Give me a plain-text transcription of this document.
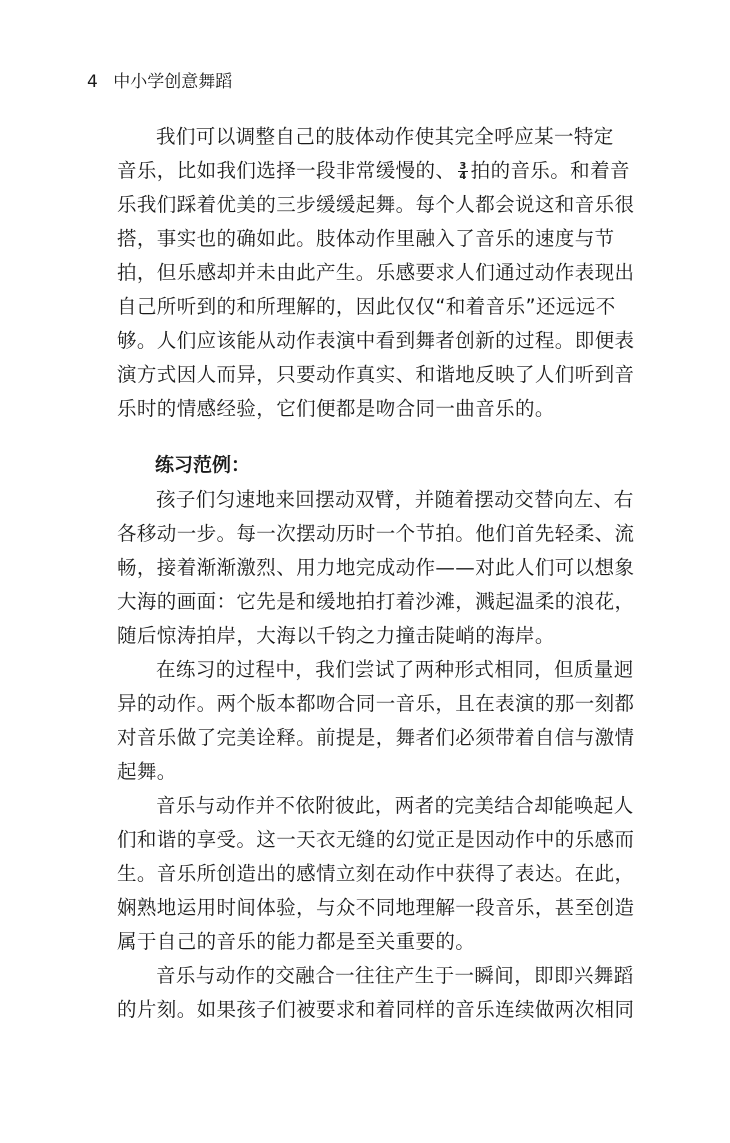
4 中小学创意舞蹈
我们可以调整自己的肢体动作使其完全呼应某一特定
音乐，比如我们选择一段非常缓慢的、 $\frac{3}{4}$ 拍的音乐。和着音
乐我们踩着优美的三步缓缓起舞。每个人都会说这和音乐很
搭，事实也的确如此。肢体动作里融入了音乐的速度与节
拍，但乐感却并未由此产生。乐感要求人们通过动作表现出
自己所听到的和所理解的，因此仅仅“和着音乐”还远远不
够。人们应该能从动作表演中看到舞者创新的过程。即便表
演方式因人而异，只要动作真实、和谐地反映了人们听到音
乐时的情感经验，它们便都是吻合同一曲音乐的。
练习范例：
孩子们匀速地来回摆动双臂，并随着摆动交替向左、右
各移动一步。每一次摆动历时一个节拍。他们首先轻柔、流
畅，接着渐渐激烈、用力地完成动作——对此人们可以想象
大海的画面：它先是和缓地拍打着沙滩，溅起温柔的浪花，
随后惊涛拍岸，大海以千钧之力撞击陡峭的海岸。
在练习的过程中，我们尝试了两种形式相同，但质量迥
异的动作。两个版本都吻合同一音乐，且在表演的那一刻都
对音乐做了完美诠释。前提是，舞者们必须带着自信与激情
起舞。
音乐与动作并不依附彼此，两者的完美结合却能唤起人
们和谐的享受。这一天衣无缝的幻觉正是因动作中的乐感而
生。音乐所创造出的感情立刻在动作中获得了表达。在此，
娴熟地运用时间体验，与众不同地理解一段音乐，甚至创造
属于自己的音乐的能力都是至关重要的。
音乐与动作的交融合一往往产生于一瞬间，即即兴舞蹈
的片刻。如果孩子们被要求和着同样的音乐连续做两次相同
